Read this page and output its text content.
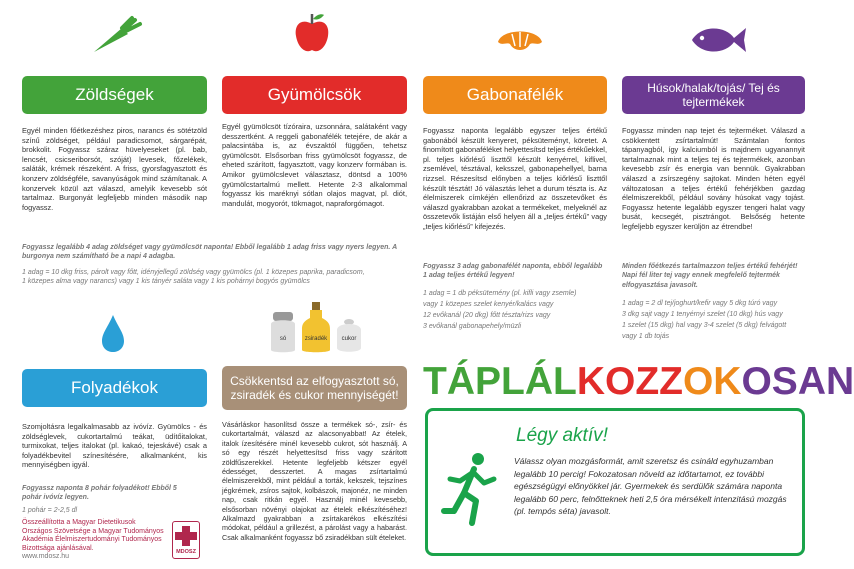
só	zsiradék	cukor
Zöldségek	Gyümölcsök	Gabonafélék	Húsok/halak/tojás/ Tej és tejtermékek
Folyadékok	Csökkentsd az elfogyasztott só, zsiradék és cukor mennyiségét!
Egyél minden főétkezéshez piros, narancs és sötétzöld színű zöldséget, például paradicsomot, sárgarépát, brokkolit. Fogyassz száraz hüvelyeseket (pl. bab, lencsét, csicseriborsót, szóját) levesek, főzelékek, saláták, krémek részeként. A friss, gyorsfagyasztott és konzerv zöldségféle, savanyúságok mind számítanak. A konzervek közül azt válaszd, amelyik kevesebb sót tartalmaz. Burgonyát legfeljebb minden második nap fogyassz.
Egyél gyümölcsöt tízóraira, uzsonnára, salátaként vagy desszertként. A reggeli gabonafélék tetejére, de akár a palacsintába is, az évszaktól függően, tehetsz gyümölcsöt. Elsősorban friss gyümölcsöt fogyassz, de eheted szárított, fagyasztott, vagy konzerv formában is. Amikor gyümölcslevet választasz, döntsd a 100% gyümölcstartalmú mellett. Hetente 2-3 alkalommal fogyassz kis maréknyi sótlan olajos magvat, pl. diót, mandulát, mogyorót, tökmagot, napraforgómagot.
Fogyassz naponta legalább egyszer teljes értékű gabonából készült kenyeret, péksüteményt, köretet. A finomított gabonaféléket helyettesítsd teljes értékűekkel, pl. teljes kiőrlésű liszttől készült kenyérrel, kiflivel, zsemlével, tésztával, keksszel, gabonapehellyel, barna rizzsel. Részesítsd előnyben a teljes kiőrlésű liszttől készült tésztát! Jó választás lehet a durum tészta is. Az élelmiszerek címkéjén ellenőrizd az összetevőket és válaszd gyakrabban azokat a termékeket, melyeknél az összetevők listáján első helyen áll a „teljes értékű” vagy „teljes kiőrlésű” kifejezés.
Fogyassz minden nap tejet és tejterméket. Válaszd a csökkentett zsírtartalmút! Számtalan fontos tápanyagból, így kalciumból is majdnem ugyanannyit tartalmaznak mint a teljes tej és tejtermékek, azonban kevesebb zsír és energia van bennük. Gyakrabban válaszd a zsírszegény sajtokat. Minden héten egyél változatosan a teljes értékű fehérjékben gazdag élelmiszerekből, például sovány húsokat vagy tojást. Fogyassz hetente legalább egyszer tengeri halat vagy busát, kecsegét, pisztrángot. Belsőség hetente legfeljebb egyszer kerüljön az étrendbe!
Szomjoltásra legalkalmasabb az ivóvíz. Gyümölcs - és zöldséglevek, cukortartalmú teákat, üdítőitalokat, turmixokat, teljes italokat (pl. kakaó, tejeskávé) csak a folyadékbevitel színesítésére, alkalmanként, kis mennyiségben igyál.
Vásárláskor hasonlítsd össze a termékek só-, zsír- és cukortartalmát, válaszd az alacsonyabbat! Az ételek, italok ízesítésére minél kevesebb cukrot, sót használj. A só egy részét helyettesítsd friss vagy szárított zöldfűszerekkel. Hetente legfeljebb kétszer egyél édességet, desszertet. A magas zsírtartalmú élelmiszerekből, mint például a torták, kekszek, tejszínes jégkrémek, zsíros sajtok, kolbászok, majonéz, ne minden nap, csak ritkán egyél. Használj minél kevesebb, elsősorban növényi olajokat az ételek elkészítéséhez! Alkalmazd gyakrabban a zsírtakarékos elkészítési módokat, például a grillezést, a párolást vagy a habarást. Csak alkalmanként fogyassz bő zsiradékban sült ételeket.
Fogyassz legalább 4 adag zöldséget vagy gyümölcsöt naponta! Ebből legalább 1 adag friss vagy nyers legyen. A burgonya nem számítható be a napi 4 adagba.
1 adag = 10 dkg friss, párolt vagy főtt, idényjellegű zöldség vagy gyümölcs (pl. 1 közepes paprika, paradicsom,
1 közepes alma vagy narancs) vagy 1 kis tányér saláta vagy 1 kis pohárnyi bogyós gyümölcs
Fogyassz 3 adag gabonafélét naponta, ebből legalább 1 adag teljes értékű legyen!
1 adag = 1 db péksütemény (pl. kifli vagy zsemle)
vagy 1 közepes szelet kenyér/kalács vagy
12 evőkanál (20 dkg) főtt tészta/rizs vagy
3 evőkanál gabonapehely/müzli
Minden főétkezés tartalmazzon teljes értékű fehérjét! Napi fél liter tej vagy ennek megfelelő tejtermék elfogyasztása javasolt.
1 adag = 2 dl tej/joghurt/kefir vagy 5 dkg túró vagy
3 dkg sajt vagy 1 tenyérnyi szelet (10 dkg) hús vagy
1 szelet (15 dkg) hal vagy 3-4 szelet (5 dkg) felvágott
vagy 1 db tojás
Fogyassz naponta 8 pohár folyadékot! Ebből 5 pohár ivóvíz legyen.
1 pohár = 2-2,5 dl
Összeállította a Magyar Dietetikusok
Országos Szövetsége a Magyar Tudományos
Akadémia Élelmiszertudományi Tudományos
Bizottsága ajánlásával.
www.mdosz.hu
MDOSZ
TÁPLÁLKOZZOKOSAN
Légy aktív!
Válassz olyan mozgásformát, amit szeretsz és csináld egyhuzamban legalább 10 percig! Fokozatosan növeld az időtartamot, ez további egészségügyi előnyökkel jár. Gyermekek és serdülők számára naponta legalább 60 perc, felnőtteknek heti 2,5 óra mérsékelt intenzitású mozgás (pl. tempós séta) javasolt.
